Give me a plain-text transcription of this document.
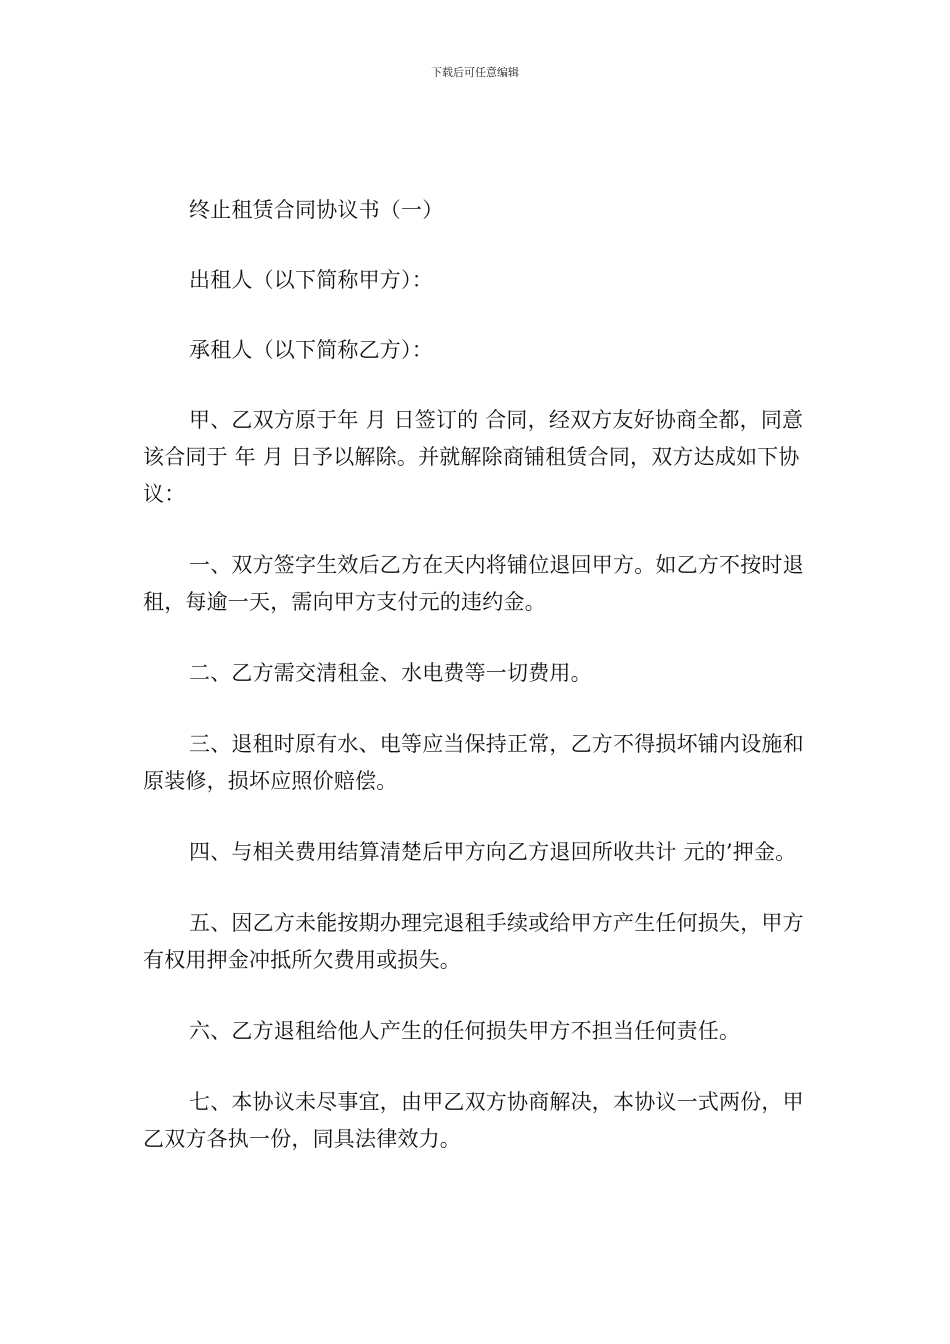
下载后可任意编辑

终止租赁合同协议书（一）

出租人（以下简称甲方）：

承租人（以下简称乙方）：

甲、乙双方原于年 月 日签订的 合同，经双方友好协商全都，同意该合同于 年 月 日予以解除。并就解除商铺租赁合同，双方达成如下协议：

一、双方签字生效后乙方在天内将铺位退回甲方。如乙方不按时退租，每逾一天，需向甲方支付元的违约金。

二、乙方需交清租金、水电费等一切费用。

三、退租时原有水、电等应当保持正常，乙方不得损坏铺内设施和原装修，损坏应照价赔偿。

四、与相关费用结算清楚后甲方向乙方退回所收共计 元的’押金。

五、因乙方未能按期办理完退租手续或给甲方产生任何损失，甲方有权用押金冲抵所欠费用或损失。

六、乙方退租给他人产生的任何损失甲方不担当任何责任。

七、本协议未尽事宜，由甲乙双方协商解决，本协议一式两份，甲乙双方各执一份，同具法律效力。
